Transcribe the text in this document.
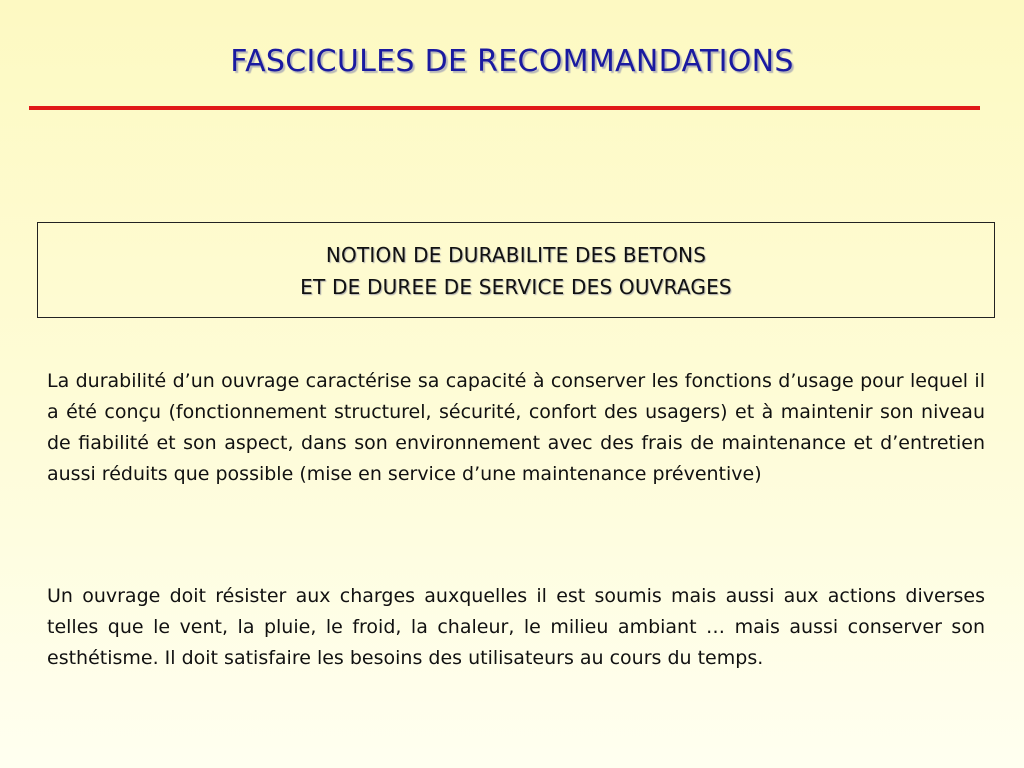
FASCICULES DE RECOMMANDATIONS
NOTION DE DURABILITE DES BETONS
ET DE DUREE DE SERVICE DES OUVRAGES

La durabilité d’un ouvrage caractérise sa capacité à conserver les fonctions d’usage pour lequel il a été conçu (fonctionnement structurel, sécurité, confort des usagers) et à maintenir son niveau de fiabilité et son aspect, dans son environnement avec des frais de maintenance et d’entretien aussi réduits que possible (mise en service d’une maintenance préventive)

Un ouvrage doit résister aux charges auxquelles il est soumis mais aussi aux actions diverses telles que le vent, la pluie, le froid, la chaleur, le milieu ambiant … mais aussi conserver son esthétisme. Il doit satisfaire les besoins des utilisateurs au cours du temps.
